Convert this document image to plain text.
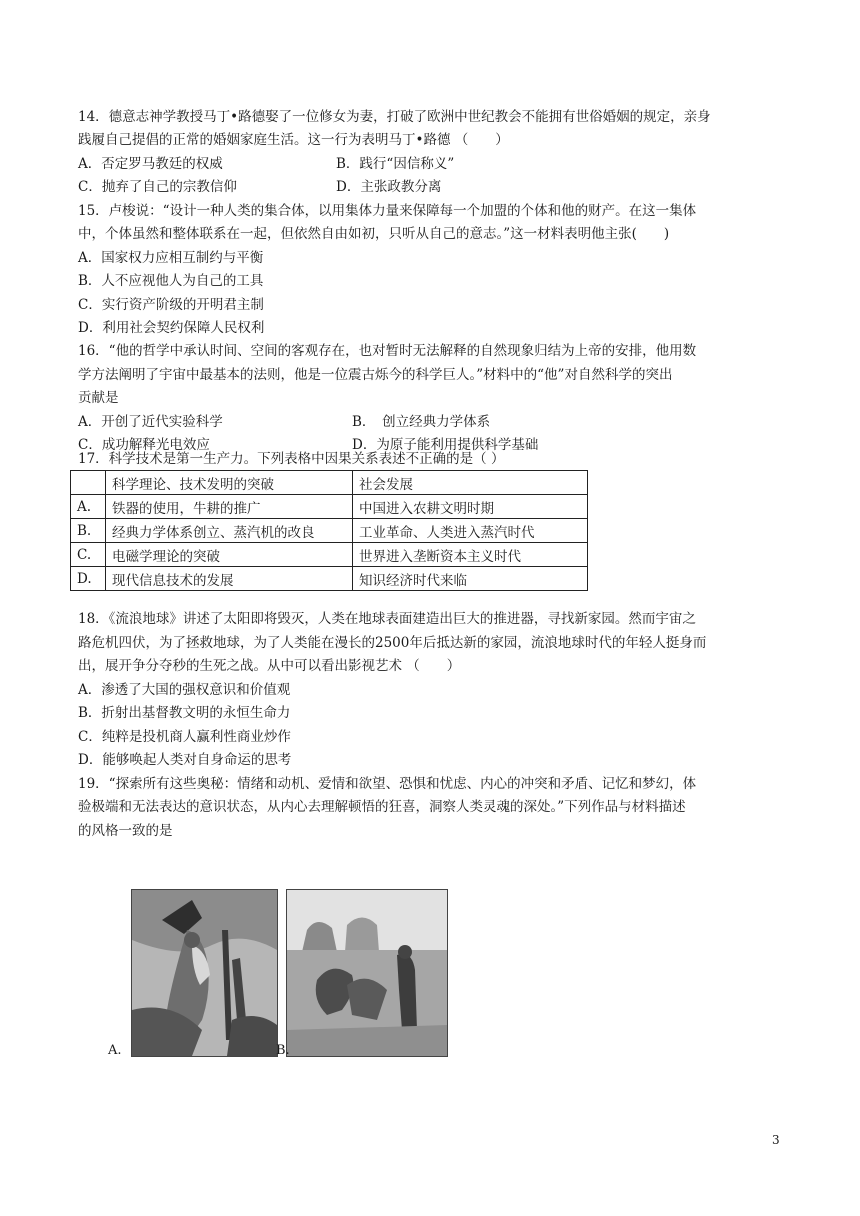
14．德意志神学教授马丁•路德娶了一位修女为妻，打破了欧洲中世纪教会不能拥有世俗婚姻的规定，亲身
践履自己提倡的正常的婚姻家庭生活。这一行为表明马丁•路德 （　　）
A．否定罗马教廷的权威	B．践行“因信称义”
C．抛弃了自己的宗教信仰	D．主张政教分离
15．卢梭说：“设计一种人类的集合体，以用集体力量来保障每一个加盟的个体和他的财产。在这一集体
中，个体虽然和整体联系在一起，但依然自由如初，只听从自己的意志。”这一材料表明他主张(　　)
A．国家权力应相互制约与平衡
B．人不应视他人为自己的工具
C．实行资产阶级的开明君主制
D．利用社会契约保障人民权利
16．“他的哲学中承认时间、空间的客观存在，也对暂时无法解释的自然现象归结为上帝的安排，他用数
学方法阐明了宇宙中最基本的法则，他是一位震古烁今的科学巨人。”材料中的“他”对自然科学的突出
贡献是
A．开创了近代实验科学	B．　创立经典力学体系
C．成功解释光电效应	D．为原子能利用提供科学基础
17．科学技术是第一生产力。下列表格中因果关系表述不正确的是（ ）
	科学理论、技术发明的突破	社会发展
A.	铁器的使用，牛耕的推广	中国进入农耕文明时期
B.	经典力学体系创立、蒸汽机的改良	工业革命、人类进入蒸汽时代
C.	电磁学理论的突破	世界进入垄断资本主义时代
D.	现代信息技术的发展	知识经济时代来临
18．《流浪地球》讲述了太阳即将毁灭，人类在地球表面建造出巨大的推进器，寻找新家园。然而宇宙之
路危机四伏，为了拯救地球，为了人类能在漫长的2500年后抵达新的家园，流浪地球时代的年轻人挺身而
出，展开争分夺秒的生死之战。从中可以看出影视艺术 （　　）
A．渗透了大国的强权意识和价值观
B．折射出基督教文明的永恒生命力
C．纯粹是投机商人赢利性商业炒作
D．能够唤起人类对自身命运的思考
19．“探索所有这些奥秘：情绪和动机、爱情和欲望、恐惧和忧虑、内心的冲突和矛盾、记忆和梦幻，体
验极端和无法表达的意识状态，从内心去理解顿悟的狂喜，洞察人类灵魂的深处。”下列作品与材料描述
的风格一致的是
A.	B.
3
